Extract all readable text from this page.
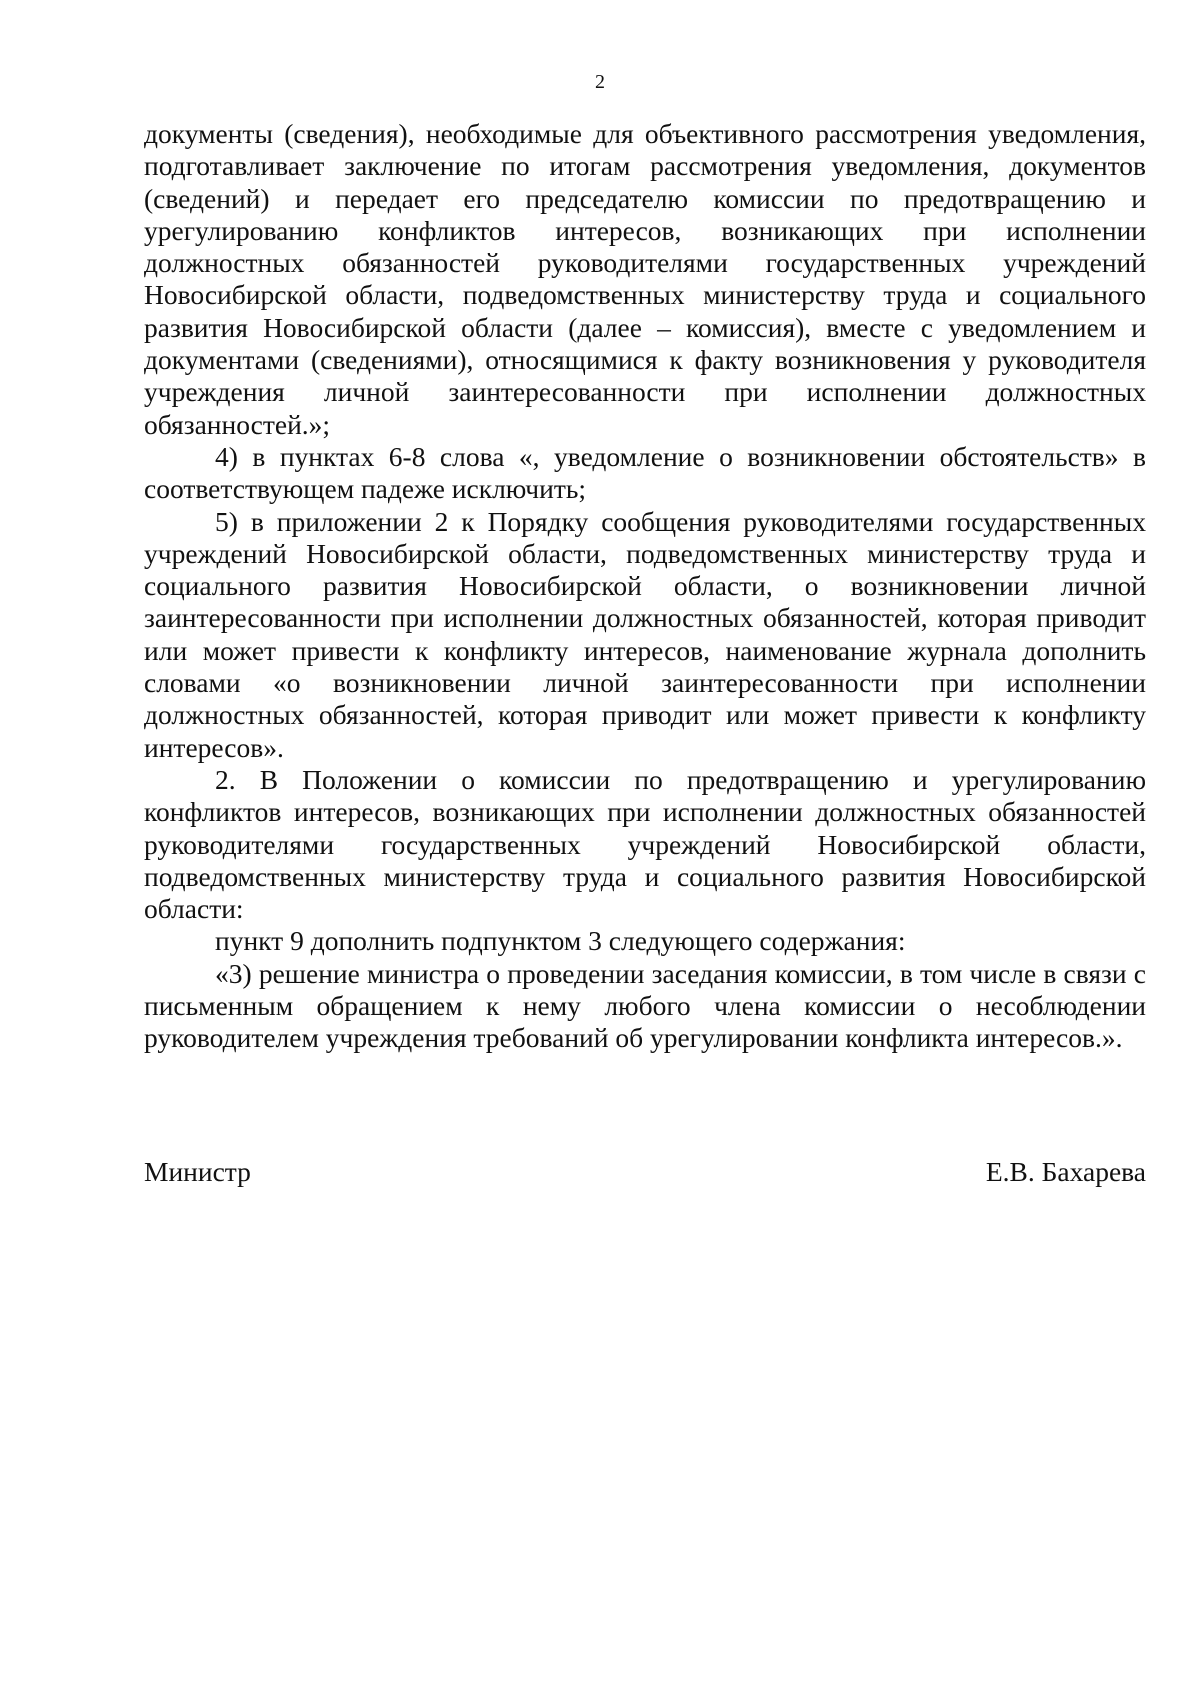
2

документы (сведения), необходимые для объективного рассмотрения уведомления, подготавливает заключение по итогам рассмотрения уведомления, документов (сведений) и передает его председателю комиссии по предотвращению и урегулированию конфликтов интересов, возникающих при исполнении должностных обязанностей руководителями государственных учреждений Новосибирской области, подведомственных министерству труда и социального развития Новосибирской области (далее – комиссия), вместе с уведомлением и документами (сведениями), относящимися к факту возникновения у руководителя учреждения личной заинтересованности при исполнении должностных обязанностей.»;

4) в пунктах 6-8 слова «, уведомление о возникновении обстоятельств» в соответствующем падеже исключить;

5) в приложении 2 к Порядку сообщения руководителями государственных учреждений Новосибирской области, подведомственных министерству труда и социального развития Новосибирской области, о возникновении личной заинтересованности при исполнении должностных обязанностей, которая приводит или может привести к конфликту интересов, наименование журнала дополнить словами «о возникновении личной заинтересованности при исполнении должностных обязанностей, которая приводит или может привести к конфликту интересов».

2. В Положении о комиссии по предотвращению и урегулированию конфликтов интересов, возникающих при исполнении должностных обязанностей руководителями государственных учреждений Новосибирской области, подведомственных министерству труда и социального развития Новосибирской области:

пункт 9 дополнить подпунктом 3 следующего содержания:

«3) решение министра о проведении заседания комиссии, в том числе в связи с письменным обращением к нему любого члена комиссии о несоблюдении руководителем учреждения требований об урегулировании конфликта интересов.».

Министр	Е.В. Бахарева
